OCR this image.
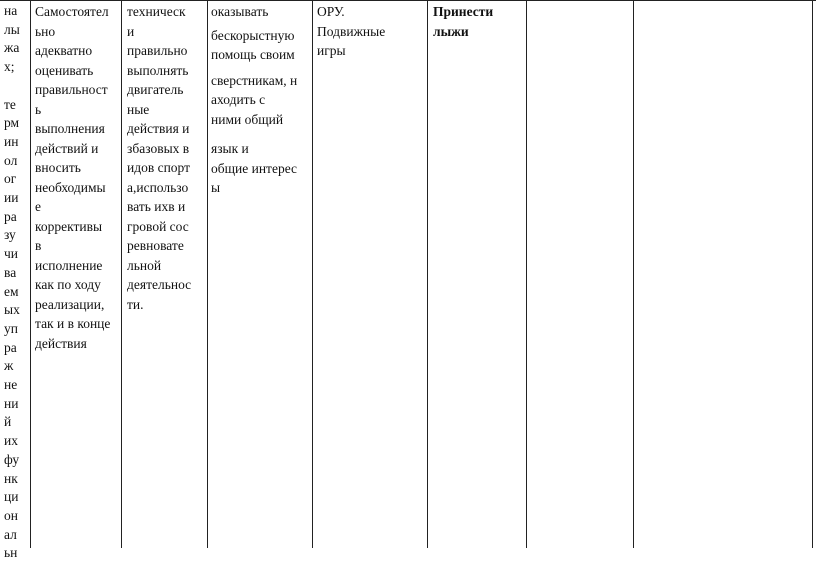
на
лы
жа
х;

те
рм
ин
ол
ог
ии
ра
зу
чи
ва
ем
ых
уп
ра
ж
не
ни
й
их
фу
нк
ци
он
ал
ьн
Самостоятел
ьно
адекватно
оценивать
правильност
ь
выполнения
действий и
вносить
необходимы
е
коррективы
в
исполнение
как по ходу
реализации,
так и в конце
действия
техническ
и
правильно
выполнять
двигатель
ные
действия и
збазовых в
идов спорт
а,использо
вать ихв и
гровой сос
ревновате
льной
деятельнос
ти.
оказывать
бескорыстную
помощь своим
сверстникам, н
аходить с
ними общий
язык и
общие интерес
ы
ОРУ.
Подвижные
игры
Принести
лыжи
